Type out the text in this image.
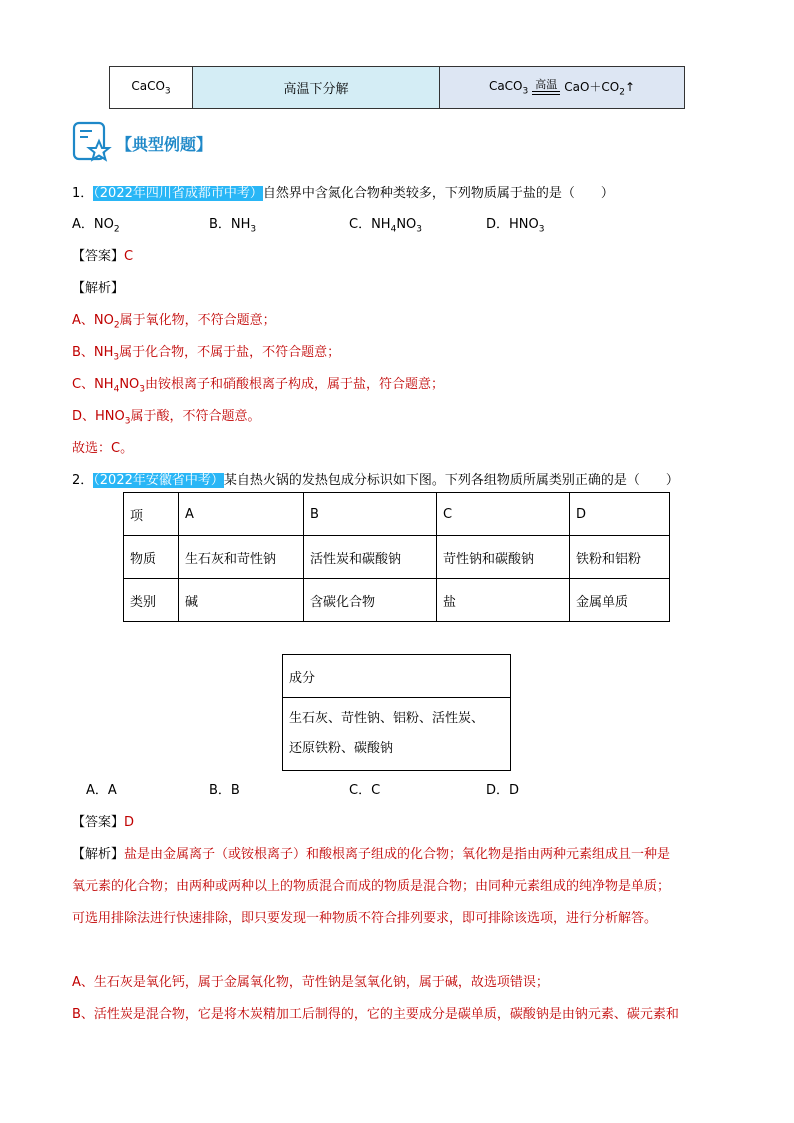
CaCO$_3$	高温下分解	CaCO$_3$ 高温 $CaO+CO_2↑$
【典型例题】
1．（2022年四川省成都市中考）自然界中含氮化合物种类较多，下列物质属于盐的是（　　）
A．$NO_2$	B．$NH_3$	C．$NH_4NO_3$	D．$HNO_3$
【答案】C
【解析】
A、$NO_2$属于氧化物，不符合题意；
B、$NH_3$属于化合物，不属于盐，不符合题意；
C、$NH_4NO_3$由铵根离子和硝酸根离子构成，属于盐，符合题意；
D、$HNO_3$属于酸，不符合题意。
故选：C。
2．（2022年安徽省中考）某自热火锅的发热包成分标识如下图。下列各组物质所属类别正确的是（　　）
项	A	B	C	D
物质	生石灰和苛性钠	活性炭和碳酸钠	苛性钠和碳酸钠	铁粉和铝粉
类别	碱	含碳化合物	盐	金属单质
成分

生石灰、苛性钠、铝粉、活性炭、
还原铁粉、碳酸钠
A．A	B．B	C．C	D．D
【答案】D
【解析】盐是由金属离子（或铵根离子）和酸根离子组成的化合物；氧化物是指由两种元素组成且一种是
氧元素的化合物；由两种或两种以上的物质混合而成的物质是混合物；由同种元素组成的纯净物是单质；
可选用排除法进行快速排除，即只要发现一种物质不符合排列要求，即可排除该选项，进行分析解答。
A、生石灰是氧化钙，属于金属氧化物，苛性钠是氢氧化钠，属于碱，故选项错误；
B、活性炭是混合物，它是将木炭精加工后制得的，它的主要成分是碳单质，碳酸钠是由钠元素、碳元素和
